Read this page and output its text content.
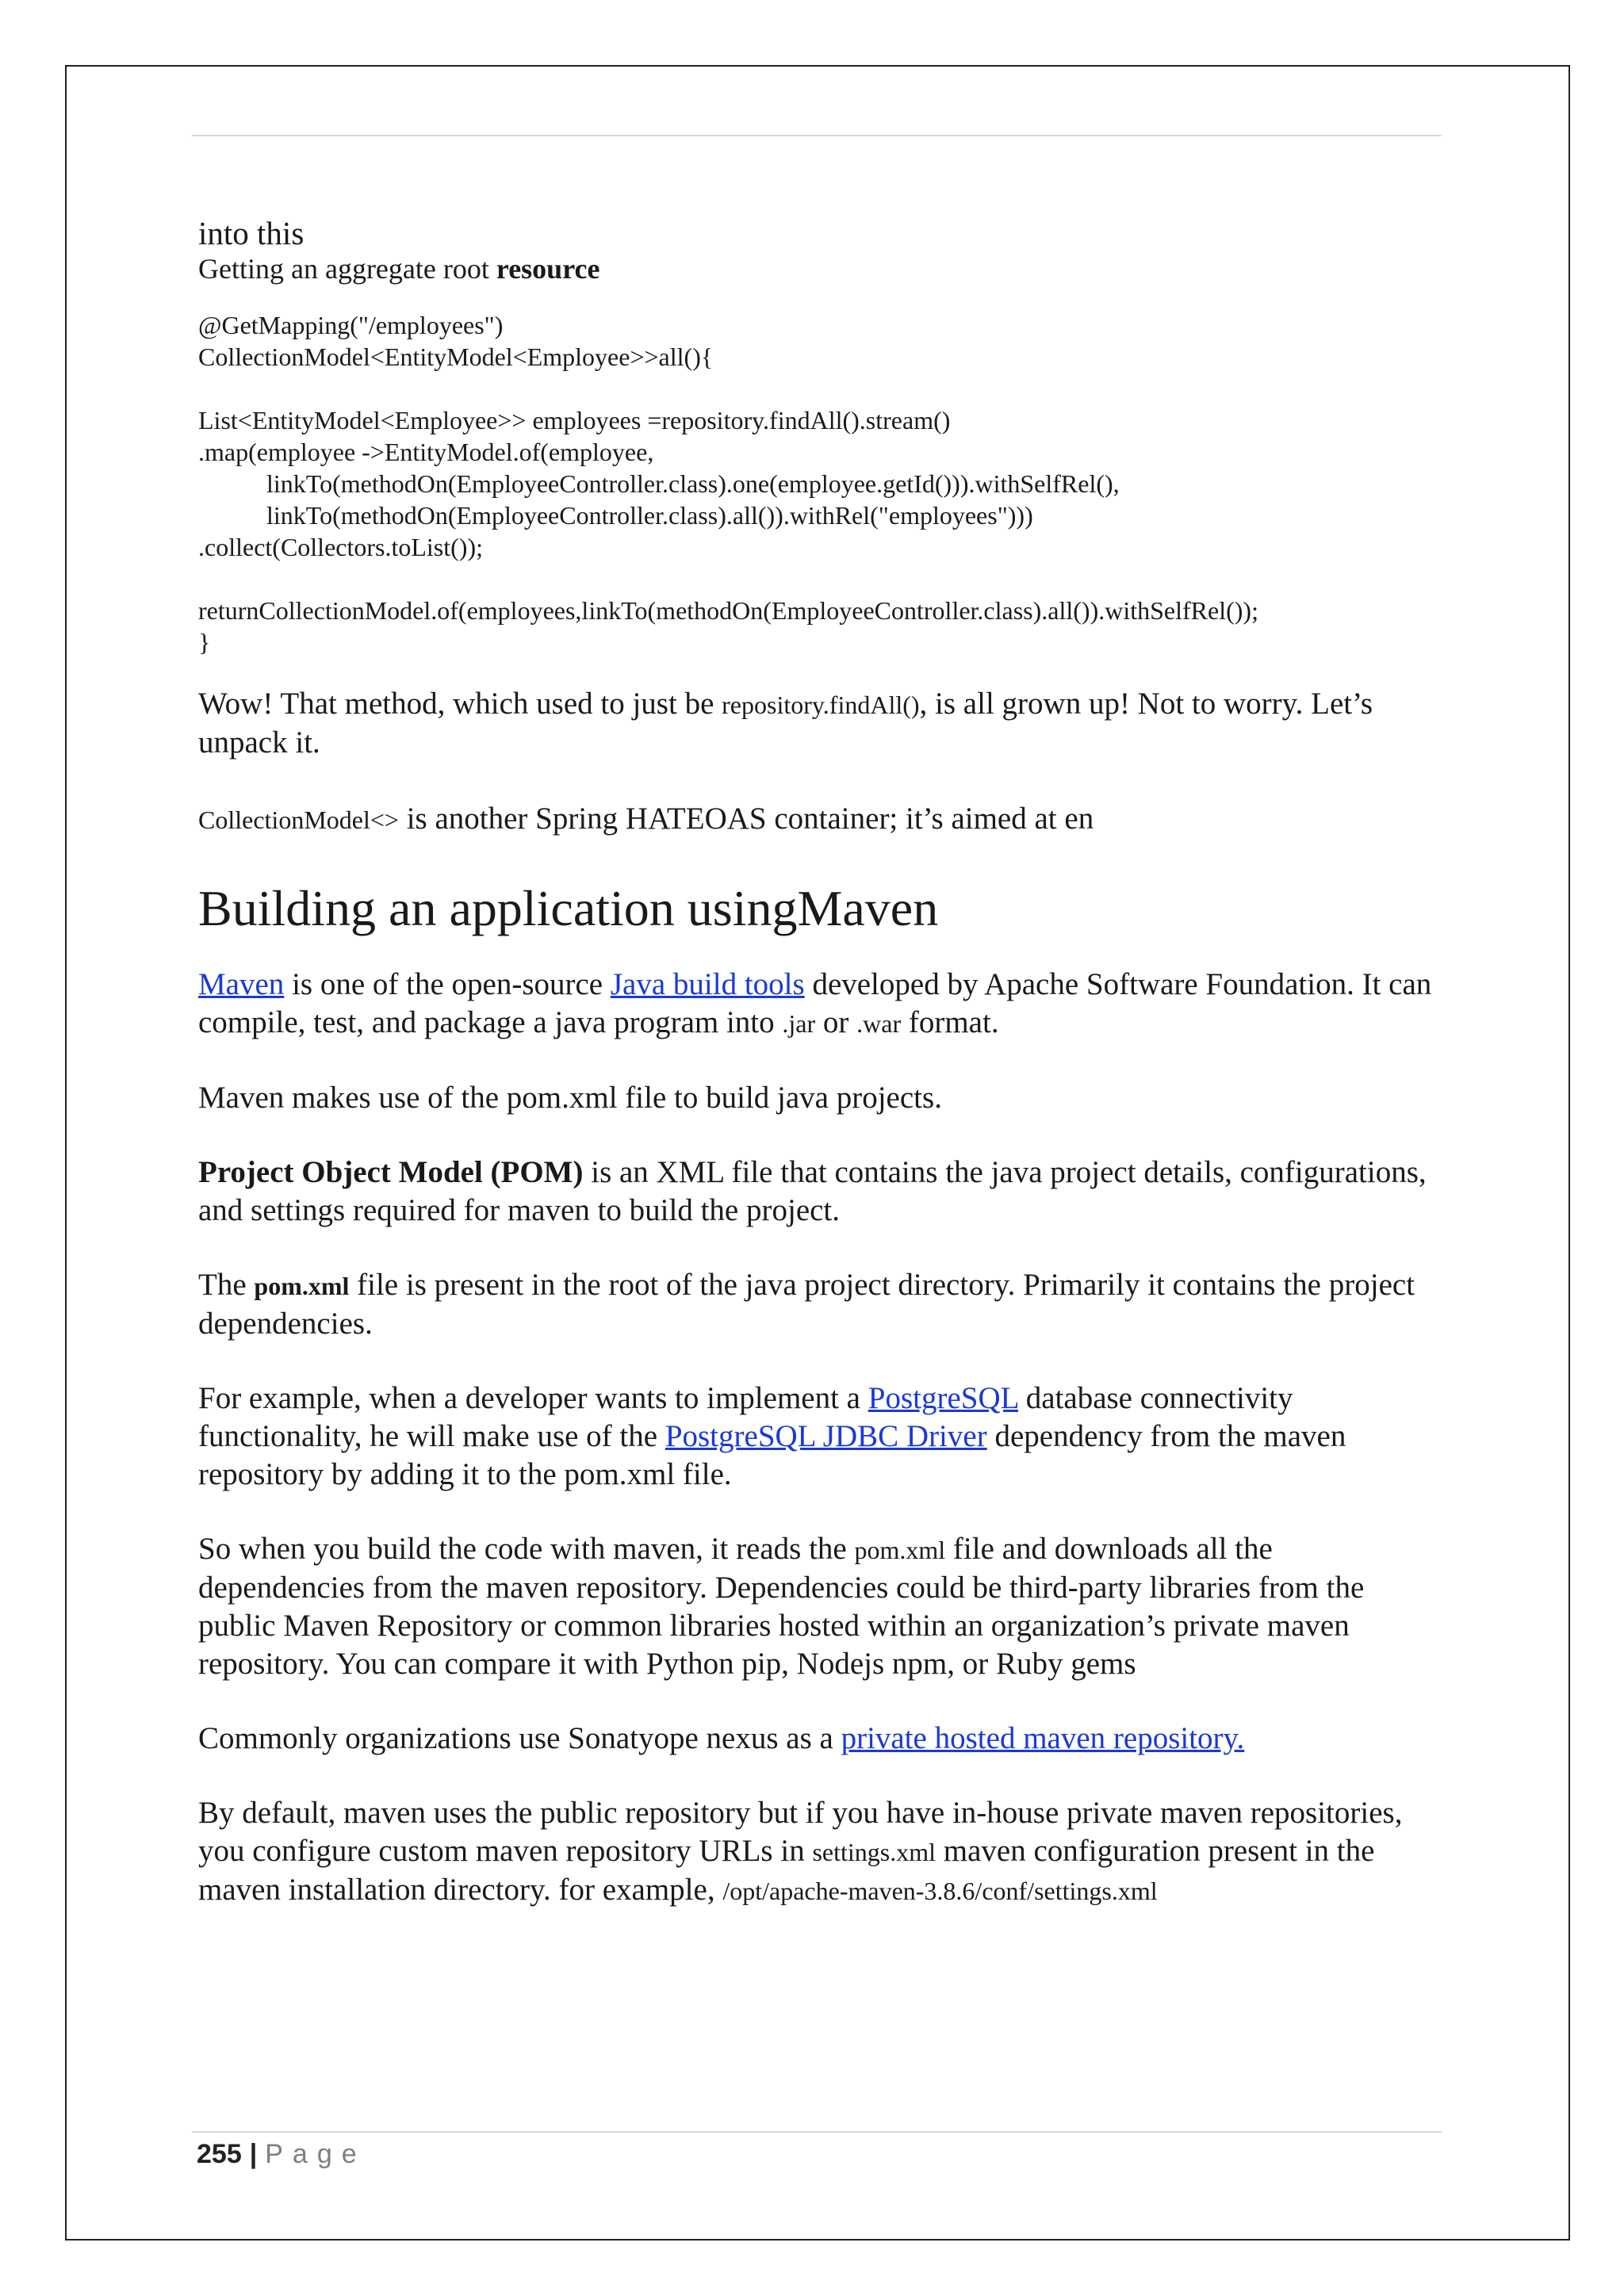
into this

Getting an aggregate root resource

@GetMapping("/employees")
CollectionModel<EntityModel<Employee>>all(){
List<EntityModel<Employee>> employees =repository.findAll().stream()
.map(employee ->EntityModel.of(employee,
linkTo(methodOn(EmployeeController.class).one(employee.getId())).withSelfRel(),
linkTo(methodOn(EmployeeController.class).all()).withRel("employees")))
.collect(Collectors.toList());
returnCollectionModel.of(employees,linkTo(methodOn(EmployeeController.class).all()).withSelfRel());
}

Wow! That method, which used to just be repository.findAll(), is all grown up! Not to worry. Let’s unpack it.

CollectionModel<> is another Spring HATEOAS container; it’s aimed at en

Building an application usingMaven

Maven is one of the open-source Java build tools developed by Apache Software Foundation. It can compile, test, and package a java program into .jar or .war format.

Maven makes use of the pom.xml file to build java projects.

Project Object Model (POM) is an XML file that contains the java project details, configurations, and settings required for maven to build the project.

The pom.xml file is present in the root of the java project directory. Primarily it contains the project dependencies.

For example, when a developer wants to implement a PostgreSQL database connectivity functionality, he will make use of the PostgreSQL JDBC Driver dependency from the maven repository by adding it to the pom.xml file.

So when you build the code with maven, it reads the pom.xml file and downloads all the dependencies from the maven repository. Dependencies could be third-party libraries from the public Maven Repository or common libraries hosted within an organization’s private maven repository. You can compare it with Python pip, Nodejs npm, or Ruby gems

Commonly organizations use Sonatyope nexus as a private hosted maven repository.

By default, maven uses the public repository but if you have in-house private maven repositories, you configure custom maven repository URLs in settings.xml maven configuration present in the maven installation directory. for example, /opt/apache-maven-3.8.6/conf/settings.xml

255 | Page
